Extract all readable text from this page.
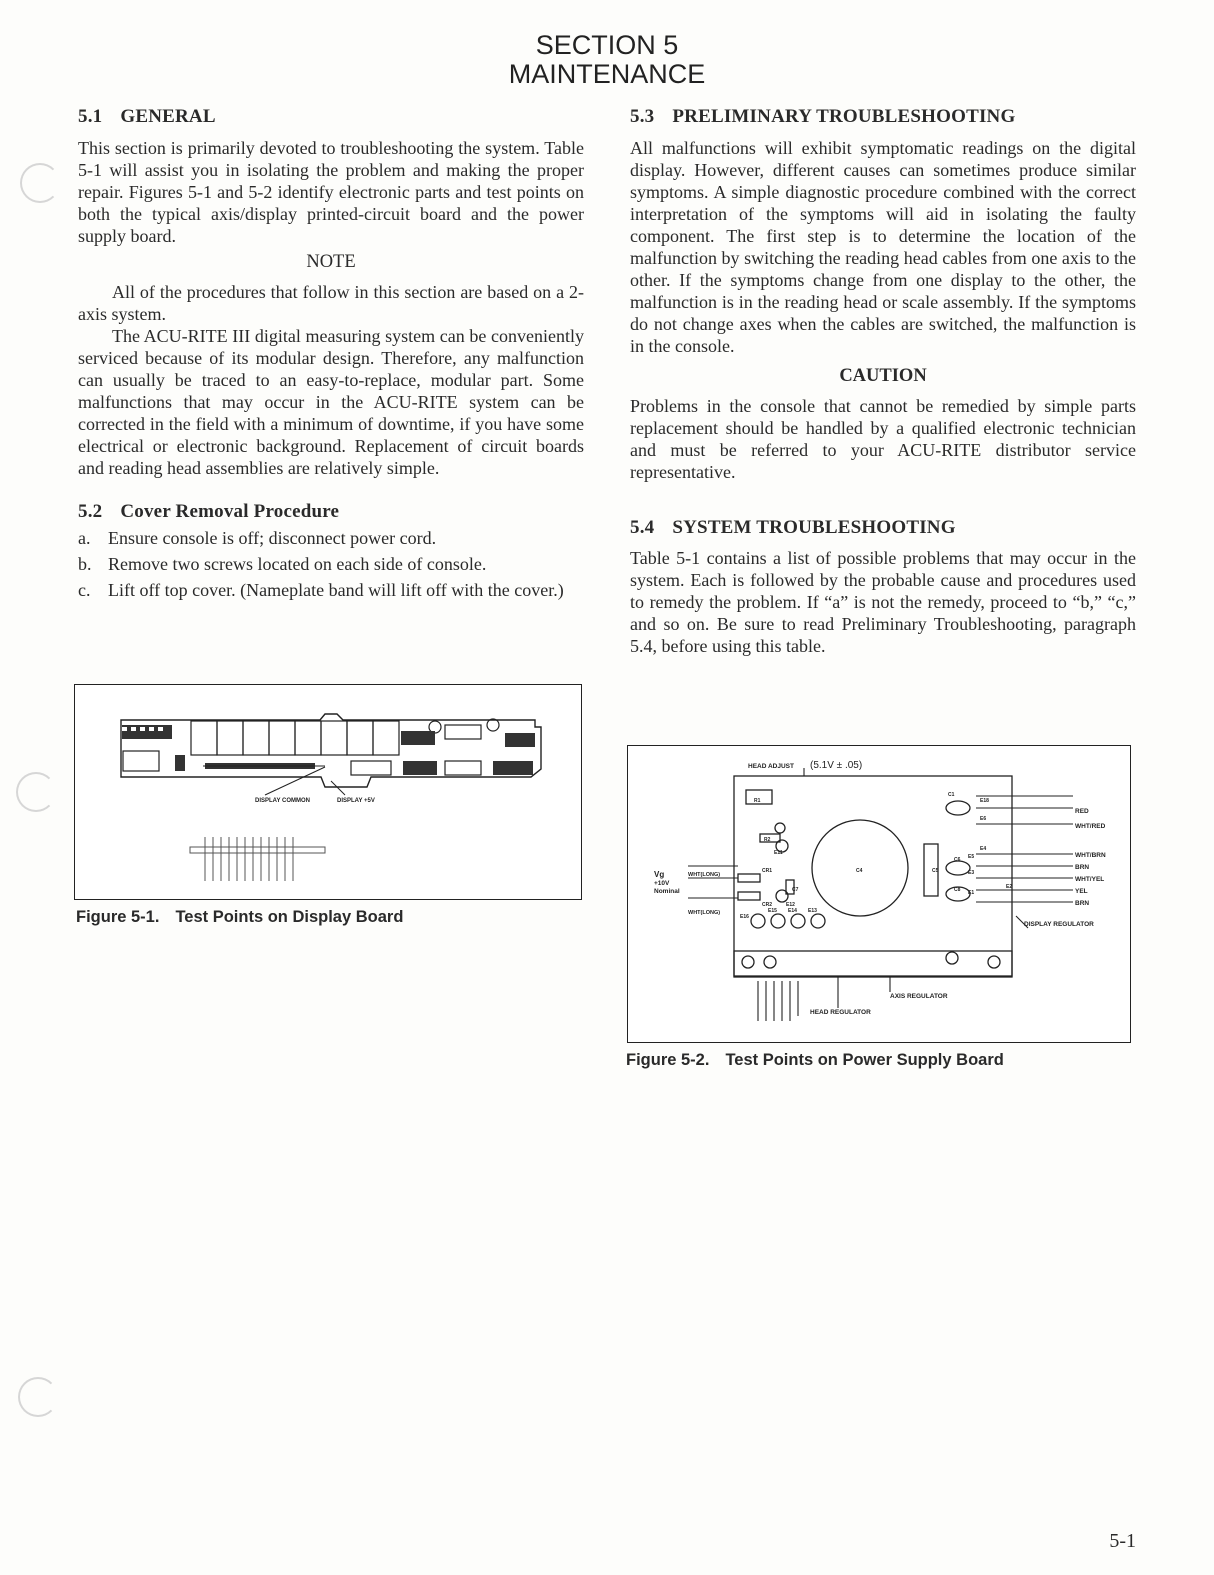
SECTION 5
MAINTENANCE
5.1 GENERAL

This section is primarily devoted to troubleshooting the system. Table 5-1 will assist you in isolating the problem and making the proper repair. Figures 5-1 and 5-2 identify electronic parts and test points on both the typical axis/display printed-circuit board and the power supply board.

NOTE

All of the procedures that follow in this section are based on a 2-axis system.

The ACU-RITE III digital measuring system can be conveniently serviced because of its modular design. Therefore, any malfunction can usually be traced to an easy-to-replace, modular part. Some malfunctions that may occur in the ACU-RITE system can be corrected in the field with a minimum of downtime, if you have some electrical or electronic background. Replacement of circuit boards and reading head assemblies are relatively simple.

5.2 Cover Removal Procedure
a. Ensure console is off; disconnect power cord.
b. Remove two screws located on each side of console.
c. Lift off top cover. (Nameplate band will lift off with the cover.)
DISPLAY COMMON	DISPLAY +5V
Figure 5-1. Test Points on Display Board
5.3 PRELIMINARY TROUBLESHOOTING

All malfunctions will exhibit symptomatic readings on the digital display. However, different causes can sometimes produce similar symptoms. A simple diagnostic procedure combined with the correct interpretation of the symptoms will aid in isolating the faulty component. The first step is to determine the location of the malfunction by switching the reading head cables from one axis to the other. If the symptoms change from one display to the other, the malfunction is in the reading head or scale assembly. If the symptoms do not change axes when the cables are switched, the malfunction is in the console.

CAUTION

Problems in the console that cannot be remedied by simple parts replacement should be handled by a qualified electronic technician and must be referred to your ACU-RITE distributor service representative.

5.4 SYSTEM TROUBLESHOOTING

Table 5-1 contains a list of possible problems that may occur in the system. Each is followed by the probable cause and procedures used to remedy the problem. If “a” is not the remedy, proceed to “b,” “c,” and so on. Be sure to read Preliminary Troubleshooting, paragraph 5.4, before using this table.

HEAD ADJUST (5.1V ± .05)
Vg
+10V
Nominal
WHT(LONG)
WHT(LONG)
RED
WHT/RED
WHT/BRN
BRN
WHT/YEL
YEL
BRN
DISPLAY REGULATOR
AXIS REGULATOR
HEAD REGULATOR
C1
C4	C5
C6
C7	C8
CR1
CR2
R1
R2
E1
E2
E3
E4
E5
E6
E11
E12
E13
E14
E15
E16
E18
Figure 5-2. Test Points on Power Supply Board
5-1
